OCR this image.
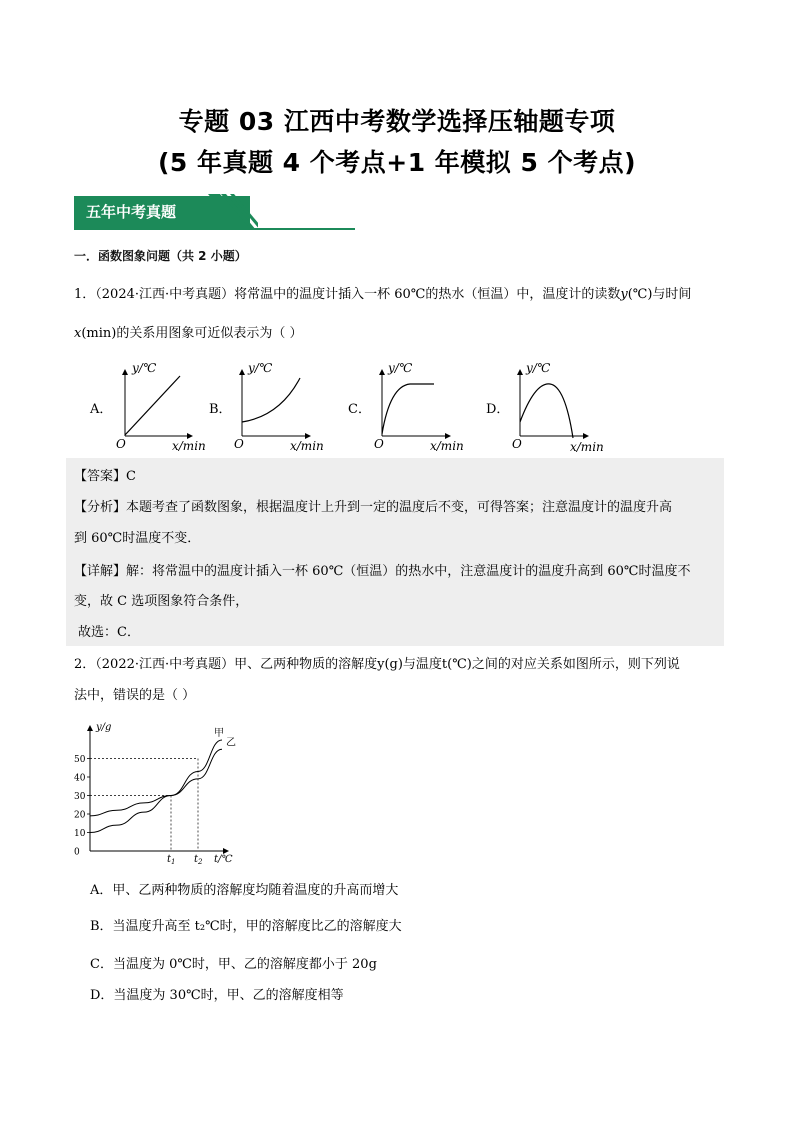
专题 03 江西中考数学选择压轴题专项
(5 年真题 4 个考点+1 年模拟 5 个考点)
五年中考真题
一．函数图象问题（共 2 小题）
1．（2024·江西·中考真题）将常温中的温度计插入一杯 60℃的热水（恒温）中，温度计的读数y(℃)与时间
x(min)的关系用图象可近似表示为（ ）
A．
y/℃
O	x/min
B．
y/℃
O	x/min
C．
y/℃
O	x/min
D．
y/℃
O	x/min
【答案】C
【分析】本题考查了函数图象，根据温度计上升到一定的温度后不变，可得答案；注意温度计的温度升高
到 60℃时温度不变．
【详解】解：将常温中的温度计插入一杯 60℃（恒温）的热水中，注意温度计的温度升高到 60℃时温度不
变，故 C 选项图象符合条件，
故选：C．
2．（2022·江西·中考真题）甲、乙两种物质的溶解度y(g)与温度t(℃)之间的对应关系如图所示，则下列说
法中，错误的是（ ）
y/g
t/℃
0
10
20
30
40
50
$t_1$ $t_2$
甲
乙
A．甲、乙两种物质的溶解度均随着温度的升高而增大
B．当温度升高至 t₂℃时，甲的溶解度比乙的溶解度大
C．当温度为 0℃时，甲、乙的溶解度都小于 20g
D．当温度为 30℃时，甲、乙的溶解度相等
